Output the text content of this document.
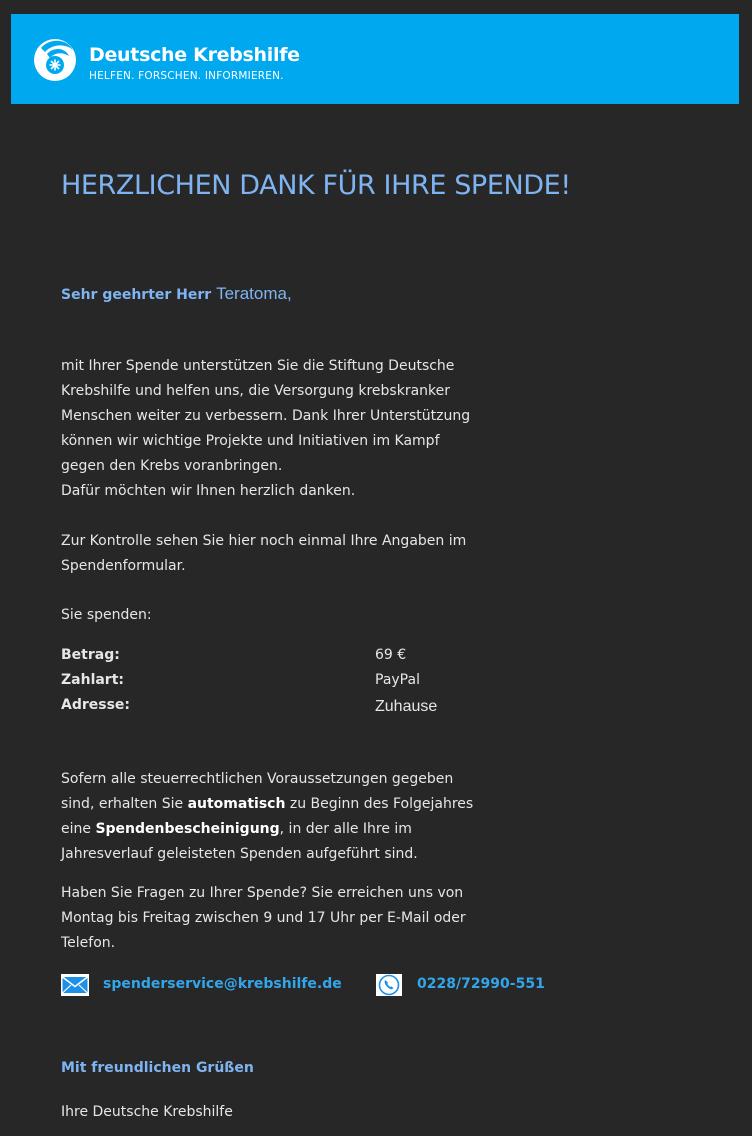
Deutsche Krebshilfe
HELFEN. FORSCHEN. INFORMIEREN.
HERZLICHEN DANK FÜR IHRE SPENDE!
Sehr geehrter Herr Teratoma,

mit Ihrer Spende unterstützen Sie die Stiftung Deutsche Krebshilfe und helfen uns, die Versorgung krebskranker Menschen weiter zu verbessern. Dank Ihrer Unterstützung können wir wichtige Projekte und Initiativen im Kampf gegen den Krebs voranbringen.

Dafür möchten wir Ihnen herzlich danken.

Zur Kontrolle sehen Sie hier noch einmal Ihre Angaben im Spendenformular.

Sie spenden:

Betrag:	69 €
Zahlart:	PayPal
Adresse:	Zuhause

Sofern alle steuerrechtlichen Voraussetzungen gegeben sind, erhalten Sie automatisch zu Beginn des Folgejahres eine Spendenbescheinigung, in der alle Ihre im Jahresverlauf geleisteten Spenden aufgeführt sind.

Haben Sie Fragen zu Ihrer Spende? Sie erreichen uns von Montag bis Freitag zwischen 9 und 17 Uhr per E-Mail oder Telefon.

spenderservice@krebshilfe.de	0228/72990-551
Mit freundlichen Grüßen
Ihre Deutsche Krebshilfe
